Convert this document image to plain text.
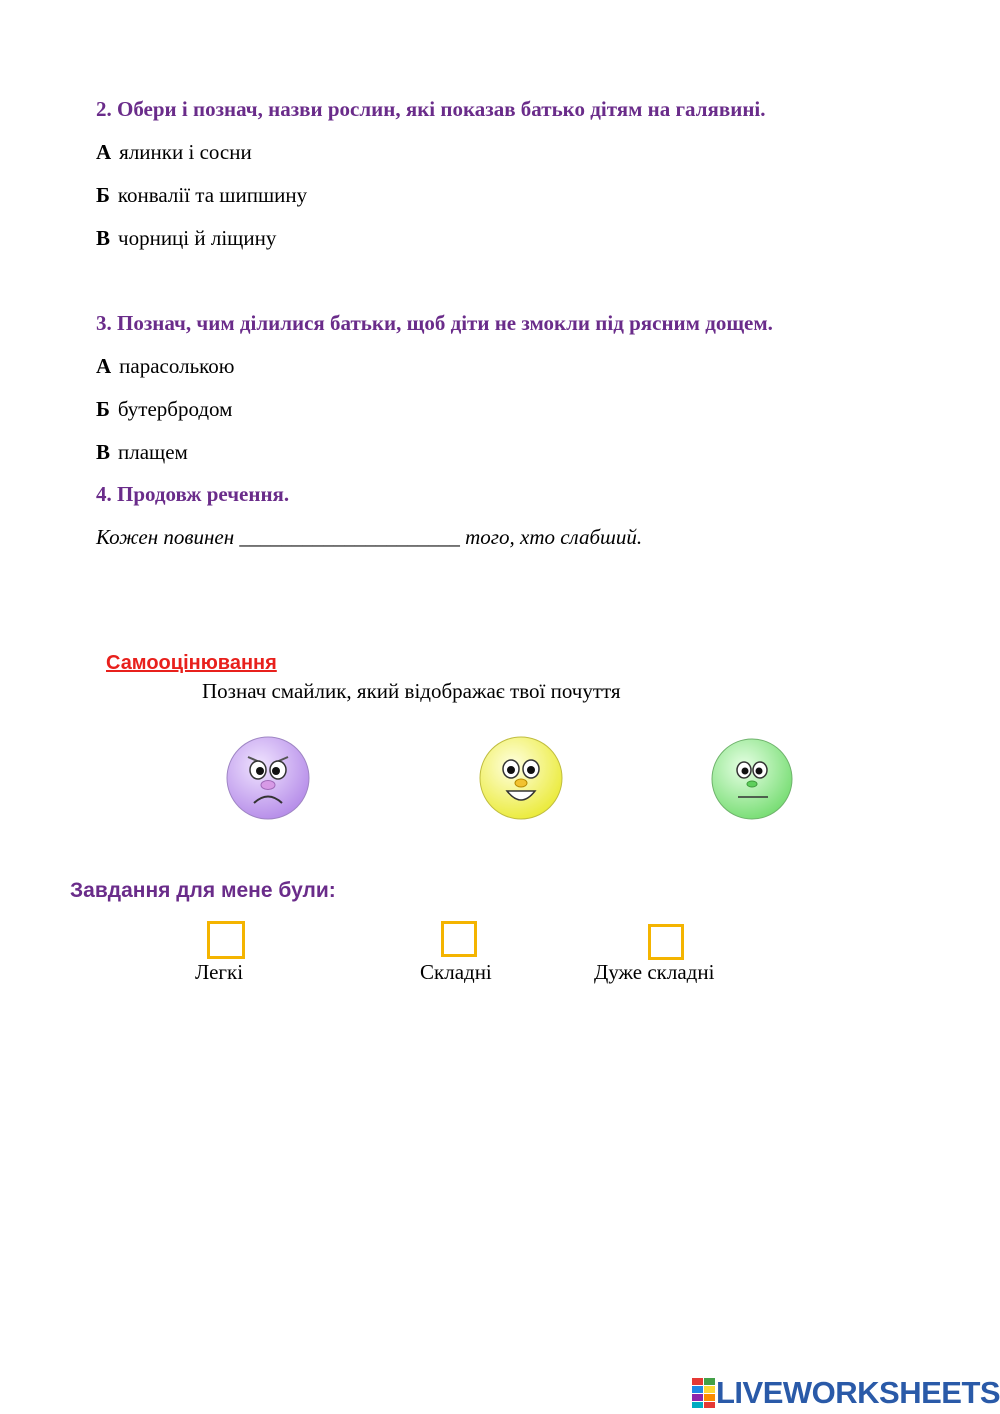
2. Обери і познач, назви рослин, які показав батько дітям на галявині.
А ялинки і сосни
Б конвалії та шипшину
В чорниці й ліщину
3. Познач, чим ділилися батьки, щоб діти не змокли під рясним дощем.
А парасолькою
Б бутербродом
В плащем
4. Продовж речення.
Кожен повинен _____________________ того, хто слабший.
Самооцінювання
Познач смайлик, який відображає твої почуття
Завдання для мене були:
Легкі	Складні	Дуже складні
LIVEWORKSHEETS
